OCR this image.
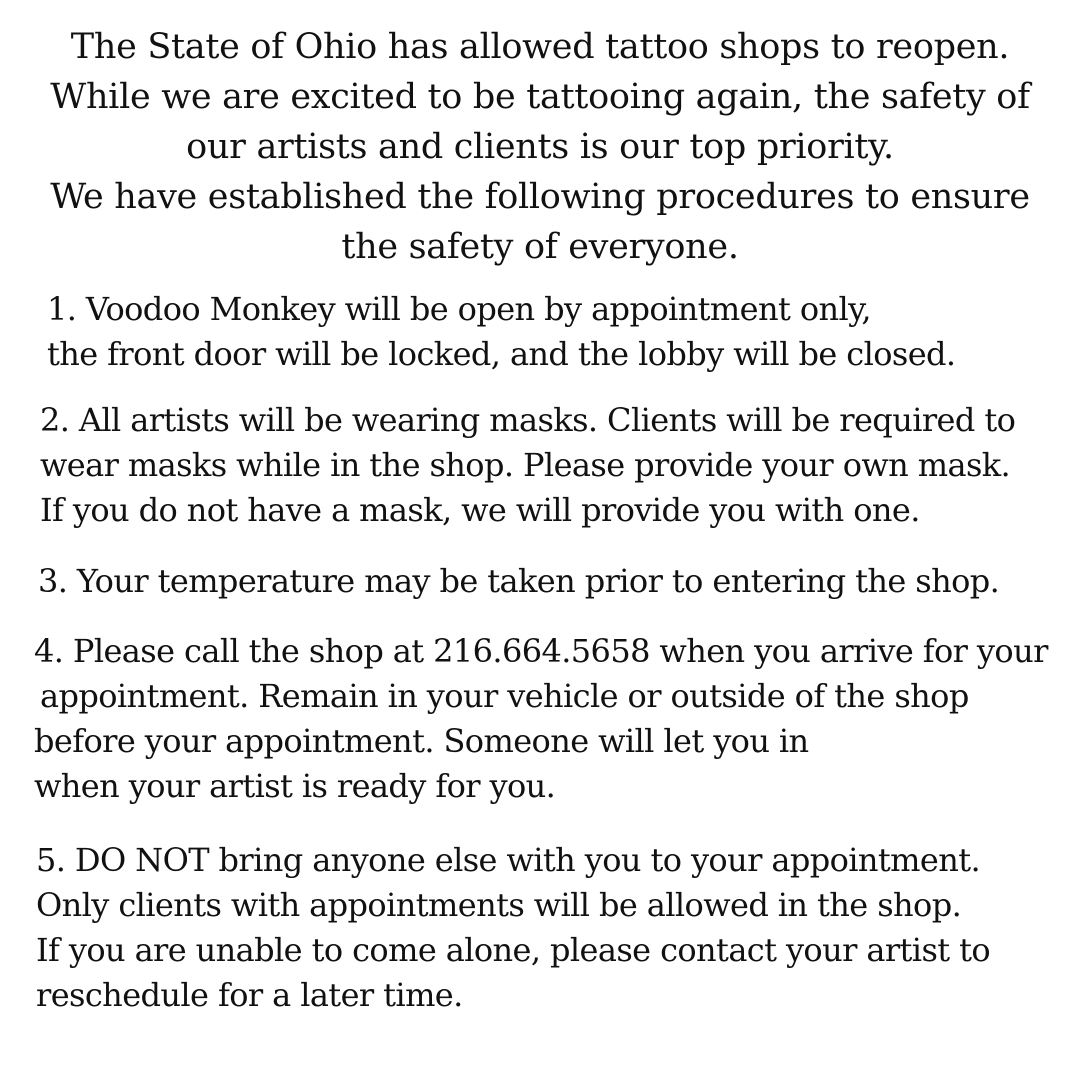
The State of Ohio has allowed tattoo shops to reopen.
While we are excited to be tattooing again, the safety of
our artists and clients is our top priority.
We have established the following procedures to ensure
the safety of everyone.
1. Voodoo Monkey will be open by appointment only,
the front door will be locked, and the lobby will be closed.
2. All artists will be wearing masks. Clients will be required to
wear masks while in the shop. Please provide your own mask.
If you do not have a mask, we will provide you with one.
3. Your temperature may be taken prior to entering the shop.
4. Please call the shop at 216.664.5658 when you arrive for your
appointment. Remain in your vehicle or outside of the shop
before your appointment. Someone will let you in
when your artist is ready for you.
5. DO NOT bring anyone else with you to your appointment.
Only clients with appointments will be allowed in the shop.
If you are unable to come alone, please contact your artist to
reschedule for a later time.
